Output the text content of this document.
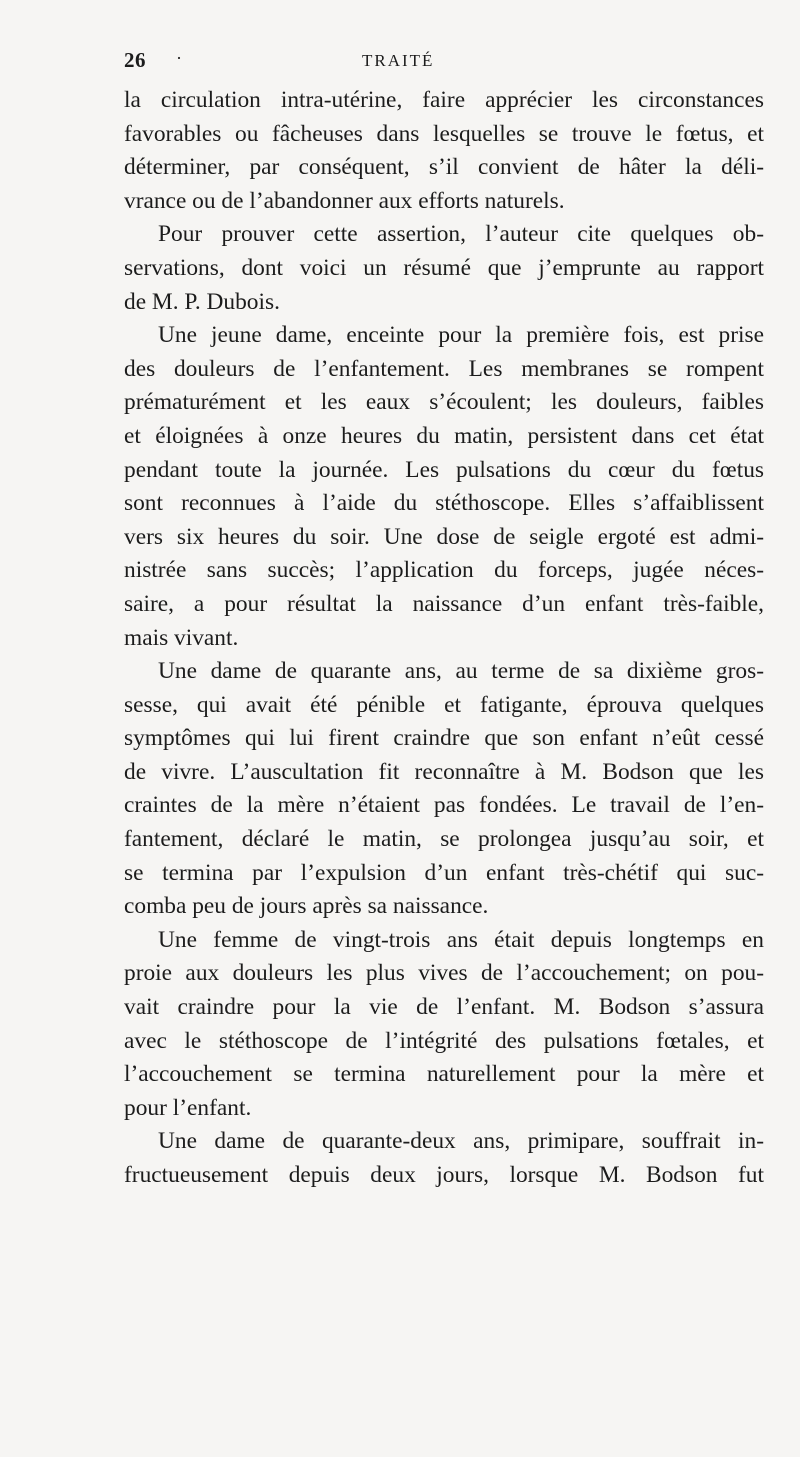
26 ·	TRAITÉ

la circulation intra-utérine, faire apprécier les circonstances
favorables ou fâcheuses dans lesquelles se trouve le fœtus, et
déterminer, par conséquent, s’il convient de hâter la déli-
vrance ou de l’abandonner aux efforts naturels.

Pour prouver cette assertion, l’auteur cite quelques ob-
servations, dont voici un résumé que j’emprunte au rapport
de M. P. Dubois.

Une jeune dame, enceinte pour la première fois, est prise
des douleurs de l’enfantement. Les membranes se rompent
prématurément et les eaux s’écoulent; les douleurs, faibles
et éloignées à onze heures du matin, persistent dans cet état
pendant toute la journée. Les pulsations du cœur du fœtus
sont reconnues à l’aide du stéthoscope. Elles s’affaiblissent
vers six heures du soir. Une dose de seigle ergoté est admi-
nistrée sans succès; l’application du forceps, jugée néces-
saire, a pour résultat la naissance d’un enfant très-faible,
mais vivant.

Une dame de quarante ans, au terme de sa dixième gros-
sesse, qui avait été pénible et fatigante, éprouva quelques
symptômes qui lui firent craindre que son enfant n’eût cessé
de vivre. L’auscultation fit reconnaître à M. Bodson que les
craintes de la mère n’étaient pas fondées. Le travail de l’en-
fantement, déclaré le matin, se prolongea jusqu’au soir, et
se termina par l’expulsion d’un enfant très-chétif qui suc-
comba peu de jours après sa naissance.

Une femme de vingt-trois ans était depuis longtemps en
proie aux douleurs les plus vives de l’accouchement; on pou-
vait craindre pour la vie de l’enfant. M. Bodson s’assura
avec le stéthoscope de l’intégrité des pulsations fœtales, et
l’accouchement se termina naturellement pour la mère et
pour l’enfant.

Une dame de quarante-deux ans, primipare, souffrait in-
fructueusement depuis deux jours, lorsque M. Bodson fut
